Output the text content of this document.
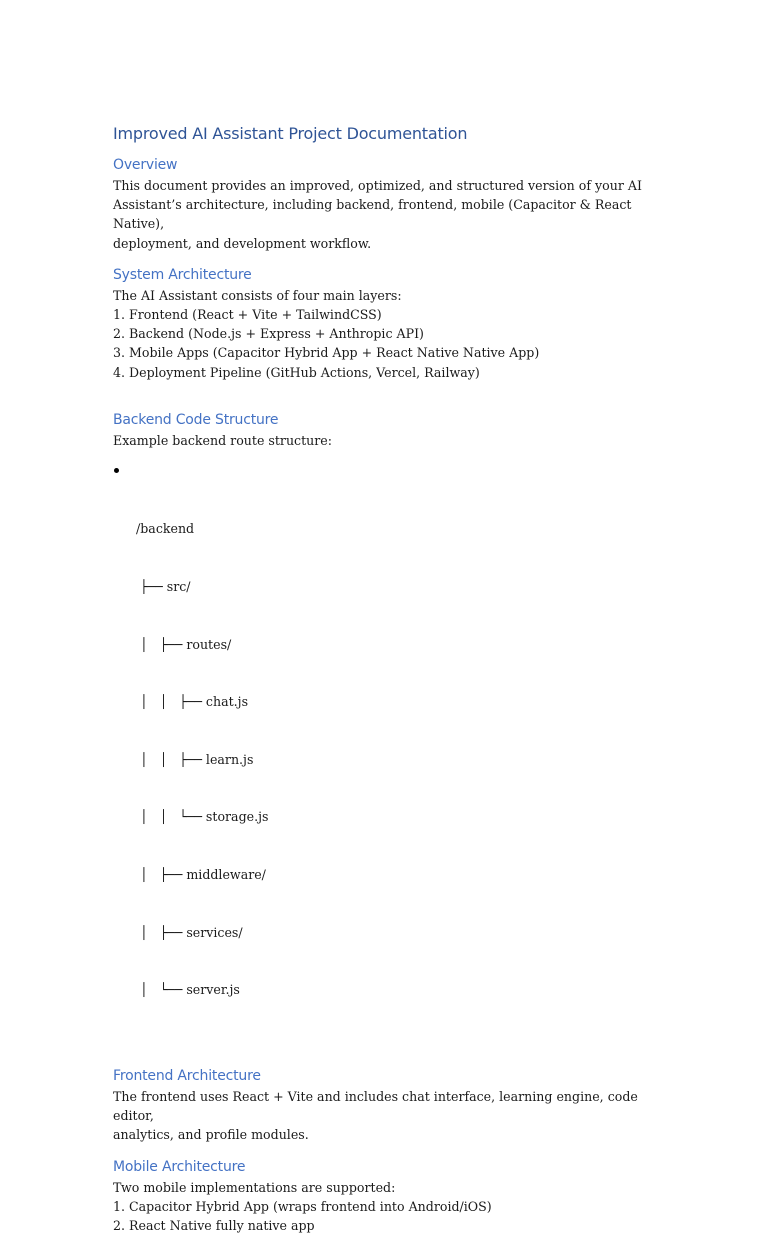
Improved AI Assistant Project Documentation
Overview
This document provides an improved, optimized, and structured version of your AI
Assistant’s architecture, including backend, frontend, mobile (Capacitor & React Native),
deployment, and development workflow.
System Architecture
The AI Assistant consists of four main layers:
1. Frontend (React + Vite + TailwindCSS)
2. Backend (Node.js + Express + Anthropic API)
3. Mobile Apps (Capacitor Hybrid App + React Native Native App)
4. Deployment Pipeline (GitHub Actions, Vercel, Railway)
Backend Code Structure
Example backend route structure:

/backend

├── src/

│   ├── routes/

│   │   ├── chat.js

│   │   ├── learn.js

│   │   └── storage.js

│   ├── middleware/

│   ├── services/

│   └── server.js

Frontend Architecture
The frontend uses React + Vite and includes chat interface, learning engine, code editor,
analytics, and profile modules.
Mobile Architecture
Two mobile implementations are supported:
1. Capacitor Hybrid App (wraps frontend into Android/iOS)
2. React Native fully native app
